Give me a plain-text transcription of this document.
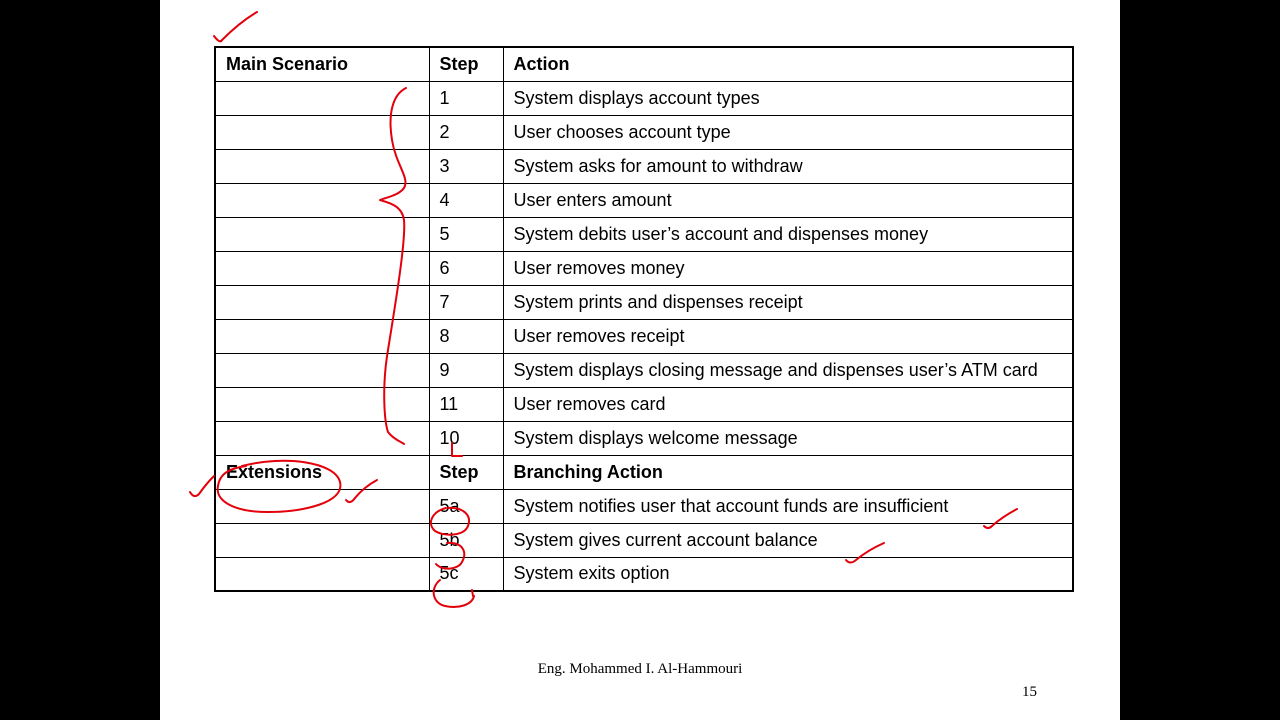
Main Scenario	Step	Action
	1	System displays account types
	2	User chooses account type
	3	System asks for amount to withdraw
	4	User enters amount
	5	System debits user’s account and dispenses money
	6	User removes money
	7	System prints and dispenses receipt
	8	User removes receipt
	9	System displays closing message and dispenses user’s ATM card
	11	User removes card
	10	System displays welcome message
Extensions	Step	Branching Action
	5a	System notifies user that account funds are insufficient
	5b	System gives current account balance
	5c	System exits option
Eng. Mohammed I. Al-Hammouri
15
